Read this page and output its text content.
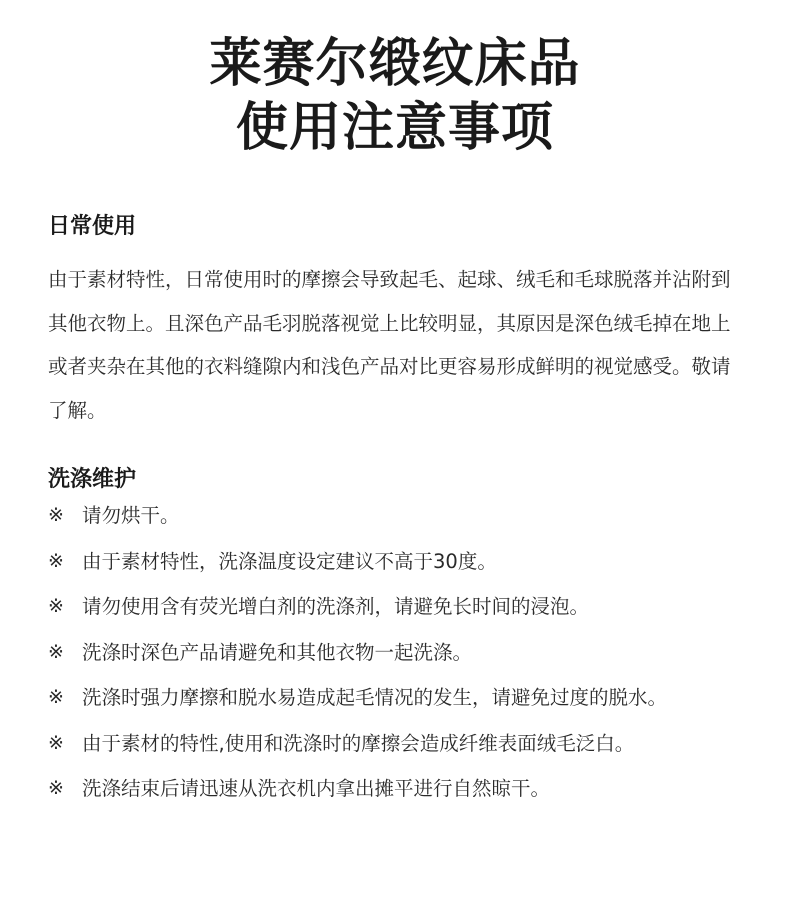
莱赛尔缎纹床品
使用注意事项
日常使用

由于素材特性，日常使用时的摩擦会导致起毛、起球、绒毛和毛球脱落并沾附到其他衣物上。且深色产品毛羽脱落视觉上比较明显，其原因是深色绒毛掉在地上或者夹杂在其他的衣料缝隙内和浅色产品对比更容易形成鲜明的视觉感受。敬请了解。

洗涤维护
※ 请勿烘干。
※ 由于素材特性，洗涤温度设定建议不高于30度。
※ 请勿使用含有荧光增白剂的洗涤剂，请避免长时间的浸泡。
※ 洗涤时深色产品请避免和其他衣物一起洗涤。
※ 洗涤时强力摩擦和脱水易造成起毛情况的发生，请避免过度的脱水。
※ 由于素材的特性,使用和洗涤时的摩擦会造成纤维表面绒毛泛白。
※ 洗涤结束后请迅速从洗衣机内拿出摊平进行自然晾干。
